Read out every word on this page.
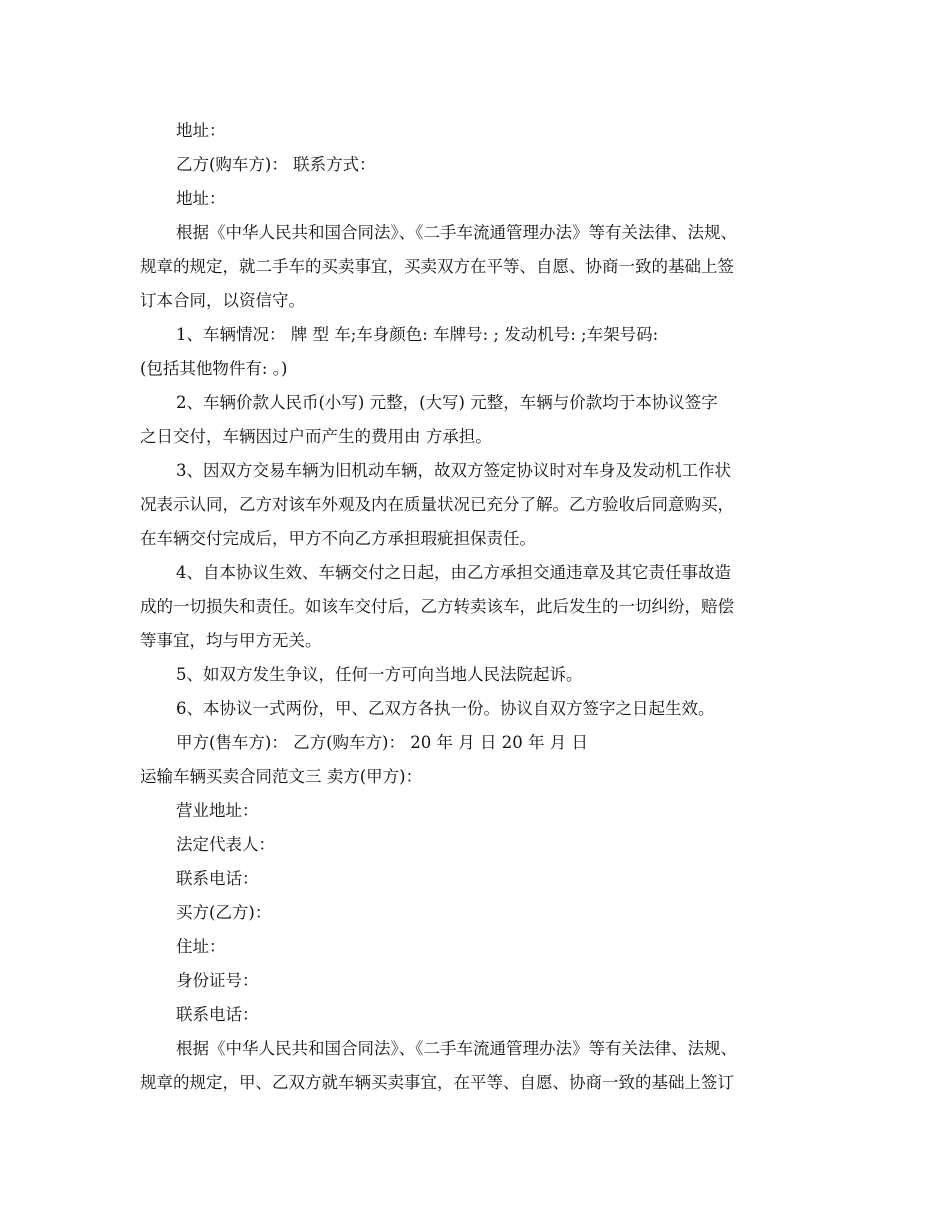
地址：
乙方(购车方)： 联系方式：
地址：
根据《中华人民共和国合同法》、《二手车流通管理办法》等有关法律、法规、
规章的规定，就二手车的买卖事宜，买卖双方在平等、自愿、协商一致的基础上签
订本合同，以资信守。
1、车辆情况： 牌 型 车;车身颜色: 车牌号: ; 发动机号: ;车架号码:
(包括其他物件有: 。)
2、车辆价款人民币(小写) 元整，(大写) 元整，车辆与价款均于本协议签字
之日交付，车辆因过户而产生的费用由 方承担。
3、因双方交易车辆为旧机动车辆，故双方签定协议时对车身及发动机工作状
况表示认同，乙方对该车外观及内在质量状况已充分了解。乙方验收后同意购买，
在车辆交付完成后，甲方不向乙方承担瑕疵担保责任。
4、自本协议生效、车辆交付之日起，由乙方承担交通违章及其它责任事故造
成的一切损失和责任。如该车交付后，乙方转卖该车，此后发生的一切纠纷，赔偿
等事宜，均与甲方无关。
5、如双方发生争议，任何一方可向当地人民法院起诉。
6、本协议一式两份，甲、乙双方各执一份。协议自双方签字之日起生效。
甲方(售车方)： 乙方(购车方)： 20 年 月 日 20 年 月 日
运输车辆买卖合同范文三 卖方(甲方)：
营业地址：
法定代表人：
联系电话：
买方(乙方)：
住址：
身份证号：
联系电话：
根据《中华人民共和国合同法》、《二手车流通管理办法》等有关法律、法规、
规章的规定，甲、乙双方就车辆买卖事宜，在平等、自愿、协商一致的基础上签订
